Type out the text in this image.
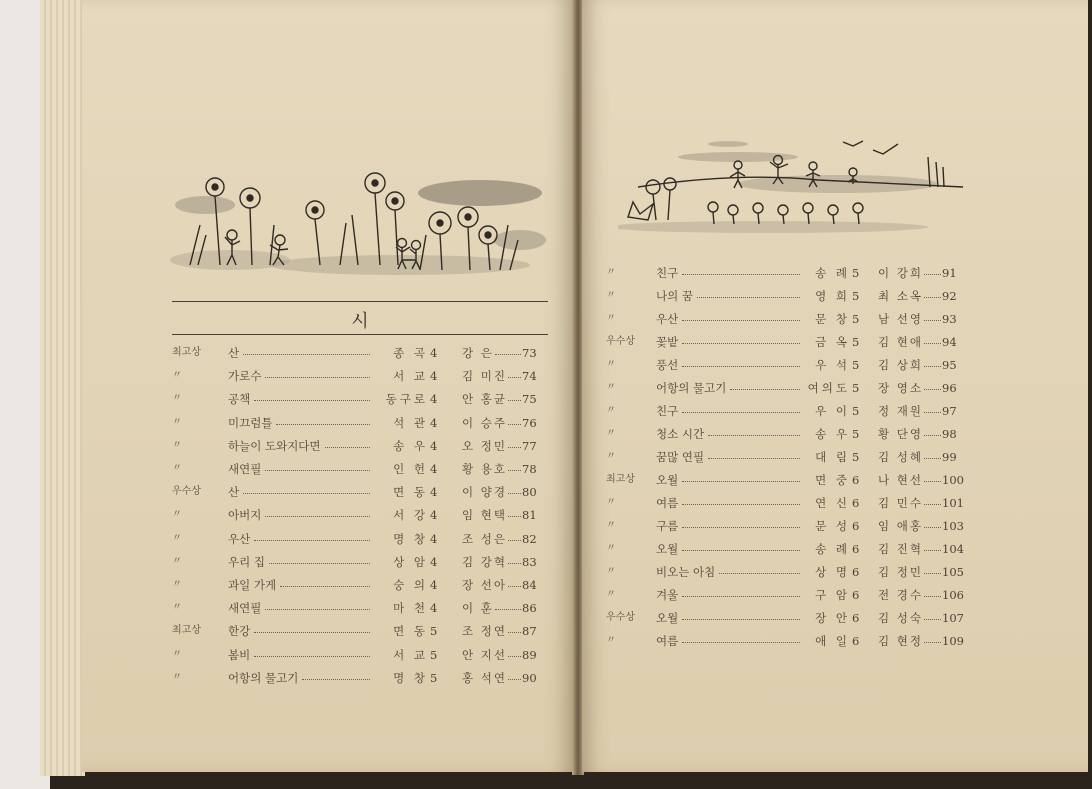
시
최고상	산	종 곡 4 강 은 73
〃	가로수	서 교 4 김 미진 74
〃	공책	동구로 4 안 홍균 75
〃	미끄럼틀	석 관 4 이 승주 76
〃	하늘이 도와지다면	송 우 4 오 정민 77
〃	새연필	인 헌 4 황 용호 78
우수상	산	면 동 4 이 양경 80
〃	아버지	서 강 4 임 현택 81
〃	우산	명 창 4 조 성은 82
〃	우리 집	상 암 4 김 강혁 83
〃	과일 가게	숭 의 4 장 선아 84
〃	새연필	마 천 4 이 훈 86
최고상	한강	면 동 5 조 정연 87
〃	봄비	서 교 5 안 지선 89
〃	어항의 물고기	명 창 5 홍 석연 90
〃	친구	송 례 5 이 강희 91
〃	나의 꿈	영 희 5 최 소옥 92
〃	우산	문 창 5 남 선영 93
우수상	꽃밭	금 옥 5 김 현애 94
〃	풍선	우 석 5 김 상희 95
〃	어항의 물고기	여의도 5 장 영소 96
〃	친구	우 이 5 정 재원 97
〃	청소 시간	송 우 5 황 단영 98
〃	꿈많 연필	대 림 5 김 성혜 99
최고상	오월	면 중 6 나 현선 100
〃	여름	연 신 6 김 민수 101
〃	구름	문 성 6 임 애홍 103
〃	오월	송 례 6 김 진혁 104
〃	비오는 아침	상 명 6 김 정민 105
〃	겨울	구 암 6 전 경수 106
우수상	오월	장 안 6 김 성숙 107
〃	여름	애 일 6 김 현정 109
